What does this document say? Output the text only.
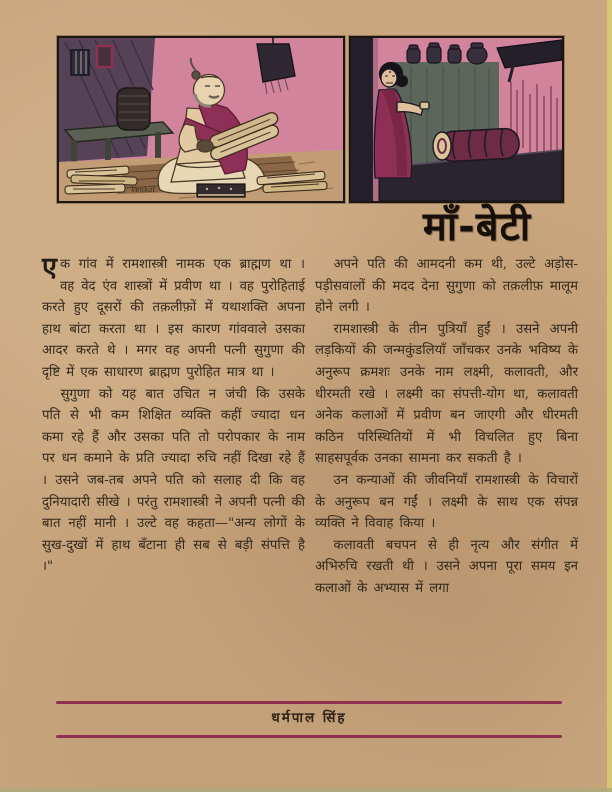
Venkat
माँ-बेटी

एक गांव में रामशास्त्री नामक एक ब्राह्मण था । वह वेद एंव शास्त्रों में प्रवीण था । वह पुरोहिताई करते हुए दूसरों की तक़लीफ़ों में यथाशक्ति अपना हाथ बांटा करता था । इस कारण गांववाले उसका आदर करते थे । मगर वह अपनी पत्नी सुगुणा की दृष्टि में एक साधारण ब्राह्मण पुरोहित मात्र था ।

सुगुणा को यह बात उचित न जंची कि उसके पति से भी कम शिक्षित व्यक्ति कहीं ज्यादा धन कमा रहे हैं और उसका पति तो परोपकार के नाम पर धन कमाने के प्रति ज्यादा रुचि नहीं दिखा रहे हैं । उसने जब-तब अपने पति को सलाह दी कि वह दुनियादारी सीखे । परंतु रामशास्त्री ने अपनी पत्नी की बात नहीं मानी । उल्टे वह कहता—"अन्य लोगों के सुख-दुखों में हाथ बँटाना ही सब से बड़ी संपत्ति है ।"

अपने पति की आमदनी कम थी, उल्टे अड़ोस-पड़ीसवालों की मदद देना सुगुणा को तक़लीफ़ मालूम होने लगी ।

रामशास्त्री के तीन पुत्रियाँ हुईं । उसने अपनी लड़कियों की जन्मकुंडलियाँ जाँचकर उनके भविष्य के अनुरूप क्रमशः उनके नाम लक्ष्मी, कलावती, और धीरमती रखे । लक्ष्मी का संपत्ती-योग था, कलावती अनेक कलाओं में प्रवीण बन जाएगी और धीरमती कठिन परिस्थितियों में भी विचलित हुए बिना साहसपूर्वक उनका सामना कर सकती है ।

उन कन्याओं की जीवनियाँ रामशास्त्री के विचारों के अनुरूप बन गईं । लक्ष्मी के साथ एक संपन्न व्यक्ति ने विवाह किया ।

कलावती बचपन से ही नृत्य और संगीत में अभिरुचि रखती थी । उसने अपना पूरा समय इन कलाओं के अभ्यास में लगा

धर्मपाल सिंह
